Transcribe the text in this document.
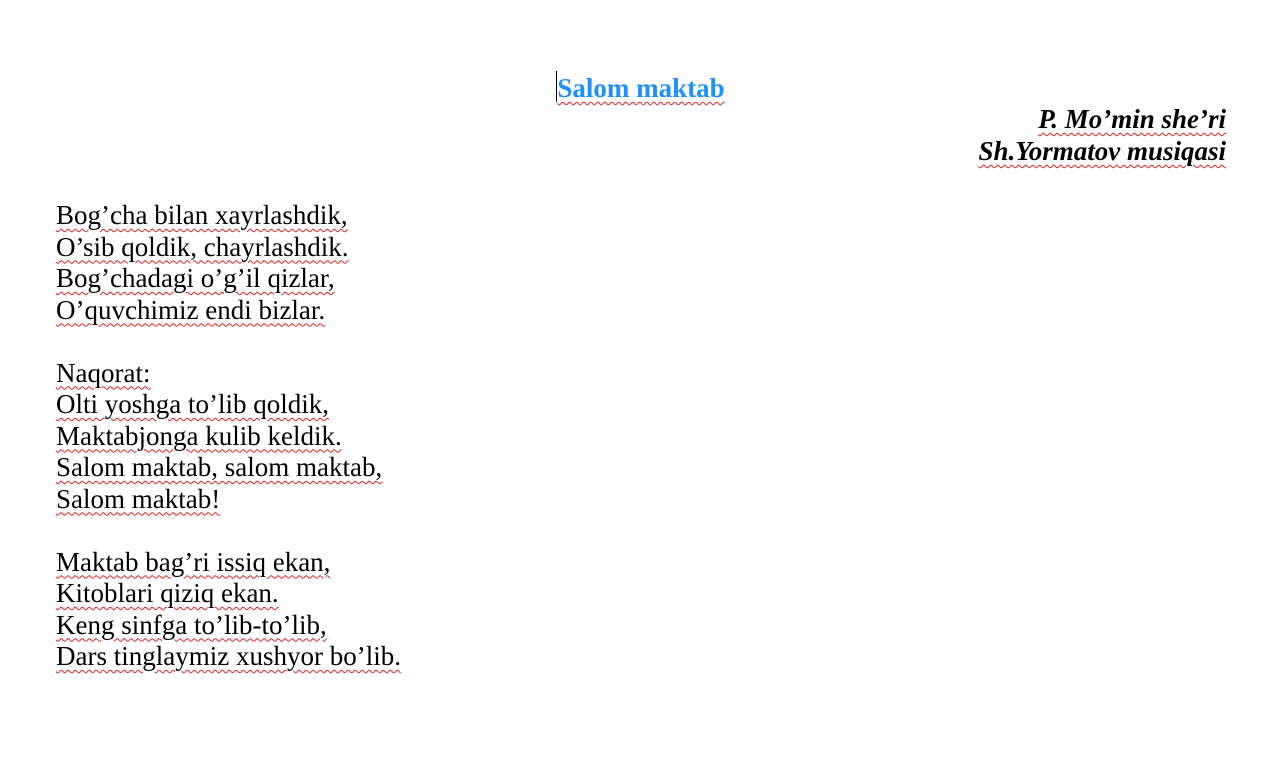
Salom maktab
P. Mo’min she’ri
Sh.Yormatov musiqasi
Bog’cha bilan xayrlashdik,
O’sib qoldik, chayrlashdik.
Bog’chadagi o’g’il qizlar,
O’quvchimiz endi bizlar.
Naqorat:
Olti yoshga to’lib qoldik,
Maktabjonga kulib keldik.
Salom maktab, salom maktab,
Salom maktab!
Maktab bag’ri issiq ekan,
Kitoblari qiziq ekan.
Keng sinfga to’lib-to’lib,
Dars tinglaymiz xushyor bo’lib.
